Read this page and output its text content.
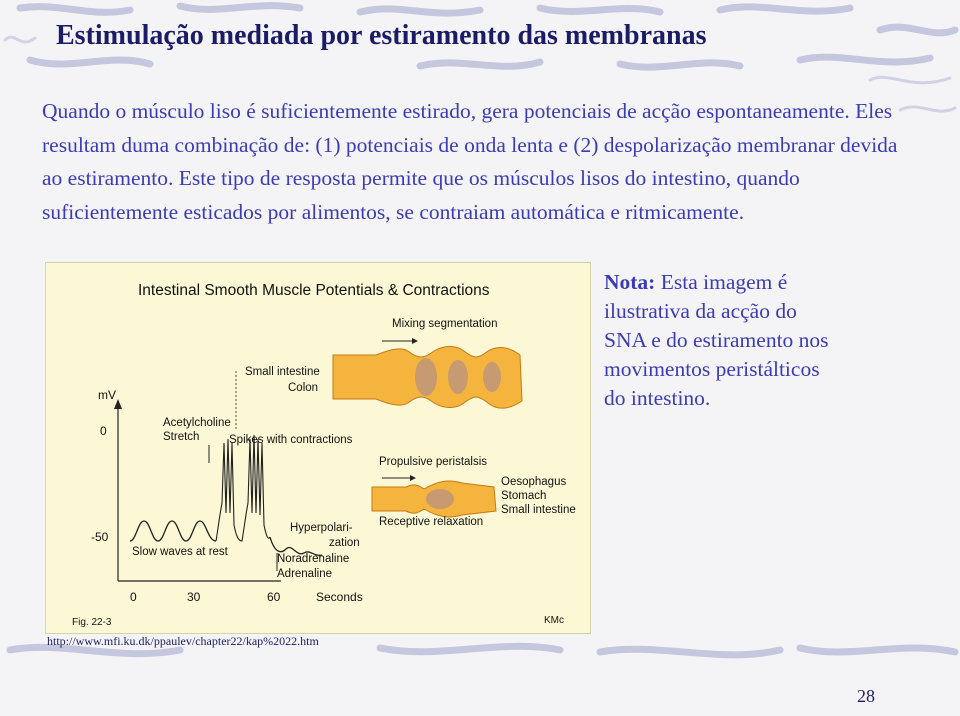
Estimulação mediada por estiramento das membranas

Quando o músculo liso é suficientemente estirado, gera potenciais de acção espontaneamente. Eles resultam duma combinação de: (1) potenciais de onda lenta e (2) despolarização membranar devida ao estiramento. Este tipo de resposta permite que os músculos lisos do intestino, quando suficientemente esticados por alimentos, se contraiam automática e ritmicamente.

Intestinal Smooth Muscle Potentials & Contractions
mV
0
-50
0	30	60	Seconds
Acetylcholine
Stretch	Spikes with contractions
Small intestine
Colon
Hyperpolari-
zation
Noradrenaline
Adrenaline
Slow waves at rest
Mixing segmentation
Propulsive peristalsis
Oesophagus
Stomach
Small intestine
Receptive relaxation
Fig. 22-3	KMc
http://www.mfi.ku.dk/ppaulev/chapter22/kap%2022.htm

Nota: Esta imagem é ilustrativa da acção do SNA e do estiramento nos movimentos peristálticos do intestino.

28
